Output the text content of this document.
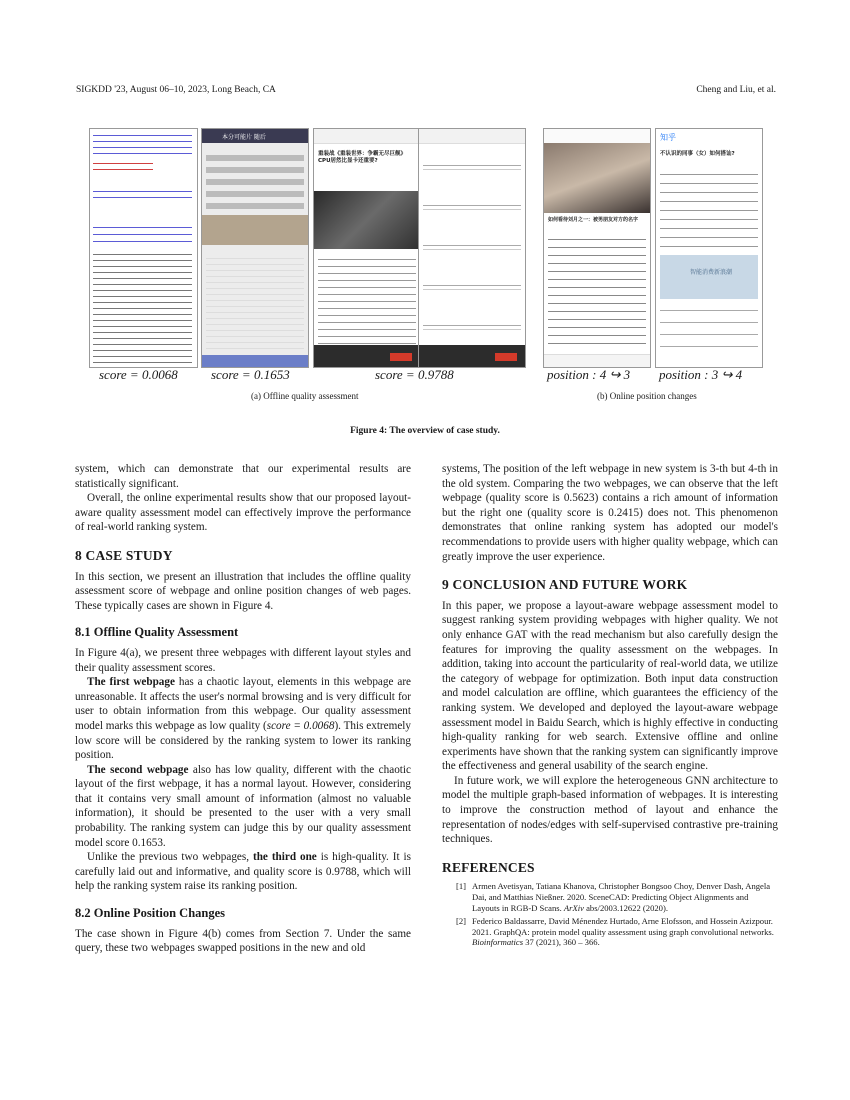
SIGKDD '23, August 06–10, 2023, Long Beach, CA	Cheng and Liu, et al.
本分可能片 随后
重装战《重装世界：争霸无尽巨舰》CPU居然比显卡还重要?
如何看待刘月之一：被男朋友对方的名字
知乎
不认识的同事（女）如何搭讪?
智能消费新浪潮
score = 0.0068	score = 0.1653	score = 0.9788	position : 4 ↪ 3 position : 3 ↪ 4
(a) Offline quality assessment	(b) Online position changes
Figure 4: The overview of case study.

system, which can demonstrate that our experimental results are statistically significant.

Overall, the online experimental results show that our proposed layout-aware quality assessment model can effectively improve the performance of real-world ranking system.

8 CASE STUDY

In this section, we present an illustration that includes the offline quality assessment score of webpage and online position changes of web pages. These typically cases are shown in Figure 4.

8.1 Offline Quality Assessment

In Figure 4(a), we present three webpages with different layout styles and their quality assessment scores.

The first webpage has a chaotic layout, elements in this webpage are unreasonable. It affects the user's normal browsing and is very difficult for user to obtain information from this webpage. Our quality assessment model marks this webpage as low quality (score = 0.0068). This extremely low score will be considered by the ranking system to lower its ranking position.

The second webpage also has low quality, different with the chaotic layout of the first webpage, it has a normal layout. However, considering that it contains very small amount of information (almost no valuable information), it should be presented to the user with a very small probability. The ranking system can judge this by our quality assessment model score 0.1653.

Unlike the previous two webpages, the third one is high-quality. It is carefully laid out and informative, and quality score is 0.9788, which will help the ranking system raise its ranking position.

8.2 Online Position Changes

The case shown in Figure 4(b) comes from Section 7. Under the same query, these two webpages swapped positions in the new and old

systems, The position of the left webpage in new system is 3-th but 4-th in the old system. Comparing the two webpages, we can observe that the left webpage (quality score is 0.5623) contains a rich amount of information but the right one (quality score is 0.2415) does not. This phenomenon demonstrates that online ranking system has adopted our model's recommendations to provide users with higher quality webpage, which can greatly improve the user experience.

9 CONCLUSION AND FUTURE WORK

In this paper, we propose a layout-aware webpage assessment model to suggest ranking system providing webpages with higher quality. We not only enhance GAT with the read mechanism but also carefully design the features for improving the quality assessment on the webpages. In addition, taking into account the particularity of real-world data, we utilize the category of webpage for optimization. Both input data construction and model calculation are offline, which guarantees the efficiency of the ranking system. We developed and deployed the layout-aware webpage assessment model in Baidu Search, which is highly effective in conducting high-quality ranking for web search. Extensive offline and online experiments have shown that the ranking system can significantly improve the effectiveness and general usability of the search engine.

In future work, we will explore the heterogeneous GNN architecture to model the multiple graph-based information of webpages. It is interesting to improve the construction method of layout and enhance the representation of nodes/edges with self-supervised contrastive pre-training techniques.

REFERENCES
[1] Armen Avetisyan, Tatiana Khanova, Christopher Bongsoo Choy, Denver Dash, Angela Dai, and Matthias Nießner. 2020. SceneCAD: Predicting Object Alignments and Layouts in RGB-D Scans. ArXiv abs/2003.12622 (2020).
[2] Federico Baldassarre, David Ménendez Hurtado, Arne Elofsson, and Hossein Azizpour. 2021. GraphQA: protein model quality assessment using graph convolutional networks. Bioinformatics 37 (2021), 360 – 366.
